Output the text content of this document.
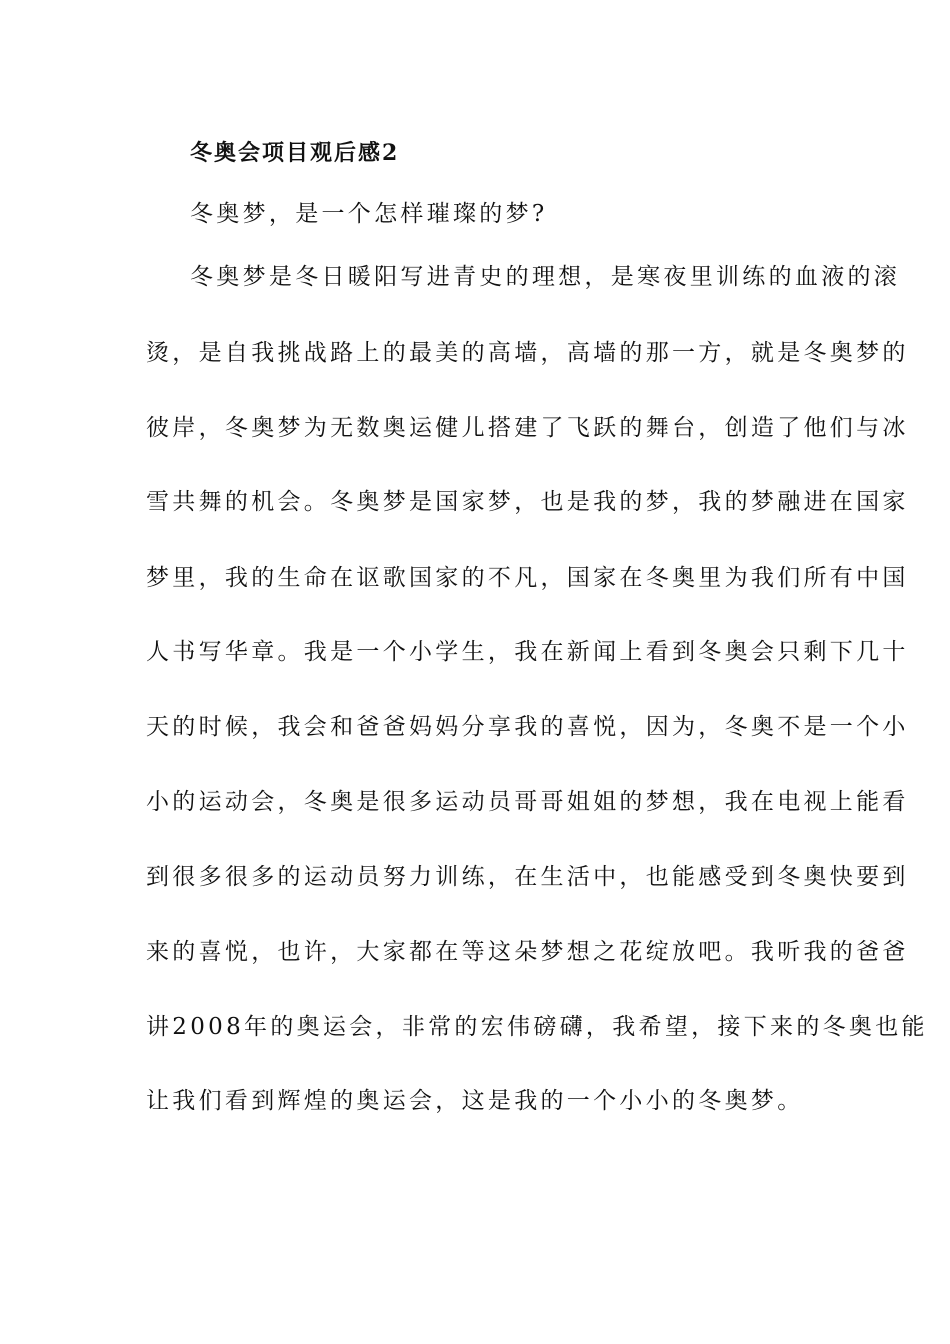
冬奥会项目观后感2
冬奥梦，是一个怎样璀璨的梦?
冬奥梦是冬日暖阳写进青史的理想，是寒夜里训练的血液的滚
烫，是自我挑战路上的最美的高墙，高墙的那一方，就是冬奥梦的
彼岸，冬奥梦为无数奥运健儿搭建了飞跃的舞台，创造了他们与冰
雪共舞的机会。冬奥梦是国家梦，也是我的梦，我的梦融进在国家
梦里，我的生命在讴歌国家的不凡，国家在冬奥里为我们所有中国
人书写华章。我是一个小学生，我在新闻上看到冬奥会只剩下几十
天的时候，我会和爸爸妈妈分享我的喜悦，因为，冬奥不是一个小
小的运动会，冬奥是很多运动员哥哥姐姐的梦想，我在电视上能看
到很多很多的运动员努力训练，在生活中，也能感受到冬奥快要到
来的喜悦，也许，大家都在等这朵梦想之花绽放吧。我听我的爸爸
讲2008年的奥运会，非常的宏伟磅礴，我希望，接下来的冬奥也能
让我们看到辉煌的奥运会，这是我的一个小小的冬奥梦。
